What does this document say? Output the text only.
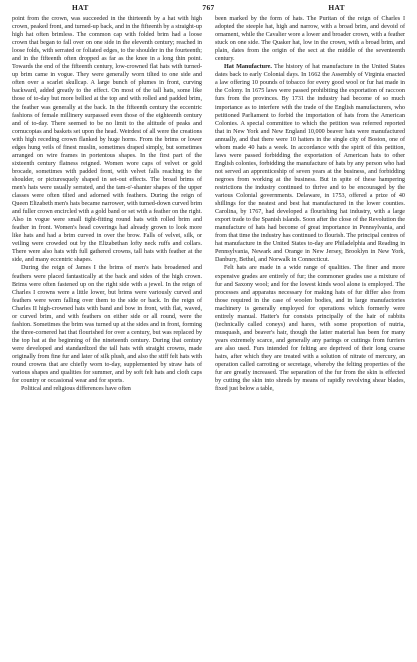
HAT	767	HAT

point from the crown, was succeeded in the thirteenth by a hat with high crown, peaked front, and turned-up back, and in the fifteenth by a straight-up high hat often brimless. The common cap with folded brim had a loose crown that began to fall over on one side in the eleventh century; reached in loose folds, with serrated or foliated edges, to the shoulder in the fourteenth; and in the fifteenth often dropped as far as the knee in a long thin point. Towards the end of the fifteenth century, low-crowned flat hats with turned-up brim came in vogue. They were generally worn tilted to one side and often over a scarlet skullcap. A large bunch of plumes in front, curving backward, added greatly to the effect. On most of the tall hats, some like those of to-day but more bellied at the top and with rolled and padded brim, the feather was generally at the back. In the fifteenth century the eccentric fashions of female millinery surpassed even those of the eighteenth century and of to-day. There seemed to be no limit to the altitude of peaks and cornucopias and baskets set upon the head. Weirdest of all were the creations with high receding crown flanked by huge horns. From the brims or lower edges hung veils of finest muslin, sometimes draped simply, but sometimes arranged on wire frames in portentous shapes. In the first part of the sixteenth century flatness reigned. Women wore caps of velvet or gold brocade, sometimes with padded front, with velvet falls reaching to the shoulder, or picturesquely shaped in set-out effects. The broad brims of men's hats were usually serrated, and the tam-o'-shanter shapes of the upper classes were often tilted and adorned with feathers. During the reign of Queen Elizabeth men's hats became narrower, with turned-down curved brim and fuller crown encircled with a gold band or set with a feather on the right. Also in vogue were small tight-fitting round hats with rolled brim and feather in front. Women's head coverings had already grown to look more like hats and had a brim curved in over the brow. Falls of velvet, silk, or veiling were crowded out by the Elizabethan lofty neck ruffs and collars. There were also hats with full gathered crowns, tall hats with feather at the side, and many eccentric shapes.

During the reign of James I the brims of men's hats broadened and feathers were placed fantastically at the back and sides of the high crown. Brims were often fastened up on the right side with a jewel. In the reign of Charles I crowns were a little lower, but brims were variously curved and feathers were worn falling over them to the side or back. In the reign of Charles II high-crowned hats with band and bow in front, with flat, waved, or curved brim, and with feathers on either side or all round, were the fashion. Sometimes the brim was turned up at the sides and in front, forming the three-cornered hat that flourished for over a century, but was replaced by the top hat at the beginning of the nineteenth century. During that century were developed and standardized the tall hats with straight crowns, made originally from fine fur and later of silk plush, and also the stiff felt hats with round crowns that are chiefly worn to-day, supplemented by straw hats of various shapes and qualities for summer, and by soft felt hats and cloth caps for country or occasional wear and for sports.

Political and religious differences have often

been marked by the form of hats. The Puritan of the reign of Charles I adopted the steeple hat, high and narrow, with a broad brim, and devoid of ornament, while the Cavalier wore a lower and broader crown, with a feather stuck on one side. The Quaker hat, low in the crown, with a broad brim, and plain, dates from the origin of the sect at the middle of the seventeenth century.

Hat Manufacture. The history of hat manufacture in the United States dates back to early Colonial days. In 1662 the Assembly of Virginia enacted a law offering 10 pounds of tobacco for every good wool or fur hat made in the Colony. In 1675 laws were passed prohibiting the exportation of raccoon furs from the provinces. By 1731 the industry had become of so much importance as to interfere with the trade of the English manufacturers, who petitioned Parliament to forbid the importation of hats from the American Colonies. A special committee to which the petition was referred reported that in New York and New England 10,000 beaver hats were manufactured annually, and that there were 10 hatters in the single city of Boston, one of whom made 40 hats a week. In accordance with the spirit of this petition, laws were passed forbidding the exportation of American hats to other English colonies, forbidding the manufacture of hats by any person who had not served an apprenticeship of seven years at the business, and forbidding negroes from working at the business. But in spite of these hampering restrictions the industry continued to thrive and to be encouraged by the various Colonial governments. Delaware, in 1753, offered a prize of 40 shillings for the neatest and best hat manufactured in the lower counties. Carolina, by 1767, had developed a flourishing hat industry, with a large export trade to the Spanish islands. Soon after the close of the Revolution the manufacture of hats had become of great importance in Pennsylvania, and from that time the industry has continued to flourish. The principal centres of hat manufacture in the United States to-day are Philadelphia and Reading in Pennsylvania, Newark and Orange in New Jersey, Brooklyn in New York, Danbury, Bethel, and Norwalk in Connecticut.

Felt hats are made in a wide range of qualities. The finer and more expensive grades are entirely of fur; the commoner grades use a mixture of fur and Saxony wool; and for the lowest kinds wool alone is employed. The processes and apparatus necessary for making hats of fur differ also from those required in the case of woolen bodies, and in large manufactories machinery is generally employed for operations which formerly were entirely manual. Hatter's fur consists principally of the hair of rabbits (technically called coneys) and hares, with some proportion of nutria, musquash, and beaver's hair, though the latter material has been for many years extremely scarce, and generally any parings or cuttings from furriers are also used. Furs intended for felting are deprived of their long coarse hairs, after which they are treated with a solution of nitrate of mercury, an operation called carroting or secretage, whereby the felting properties of the fur are greatly increased. The separation of the fur from the skin is effected by cutting the skin into shreds by means of rapidly revolving shear blades, fixed just below a table,
